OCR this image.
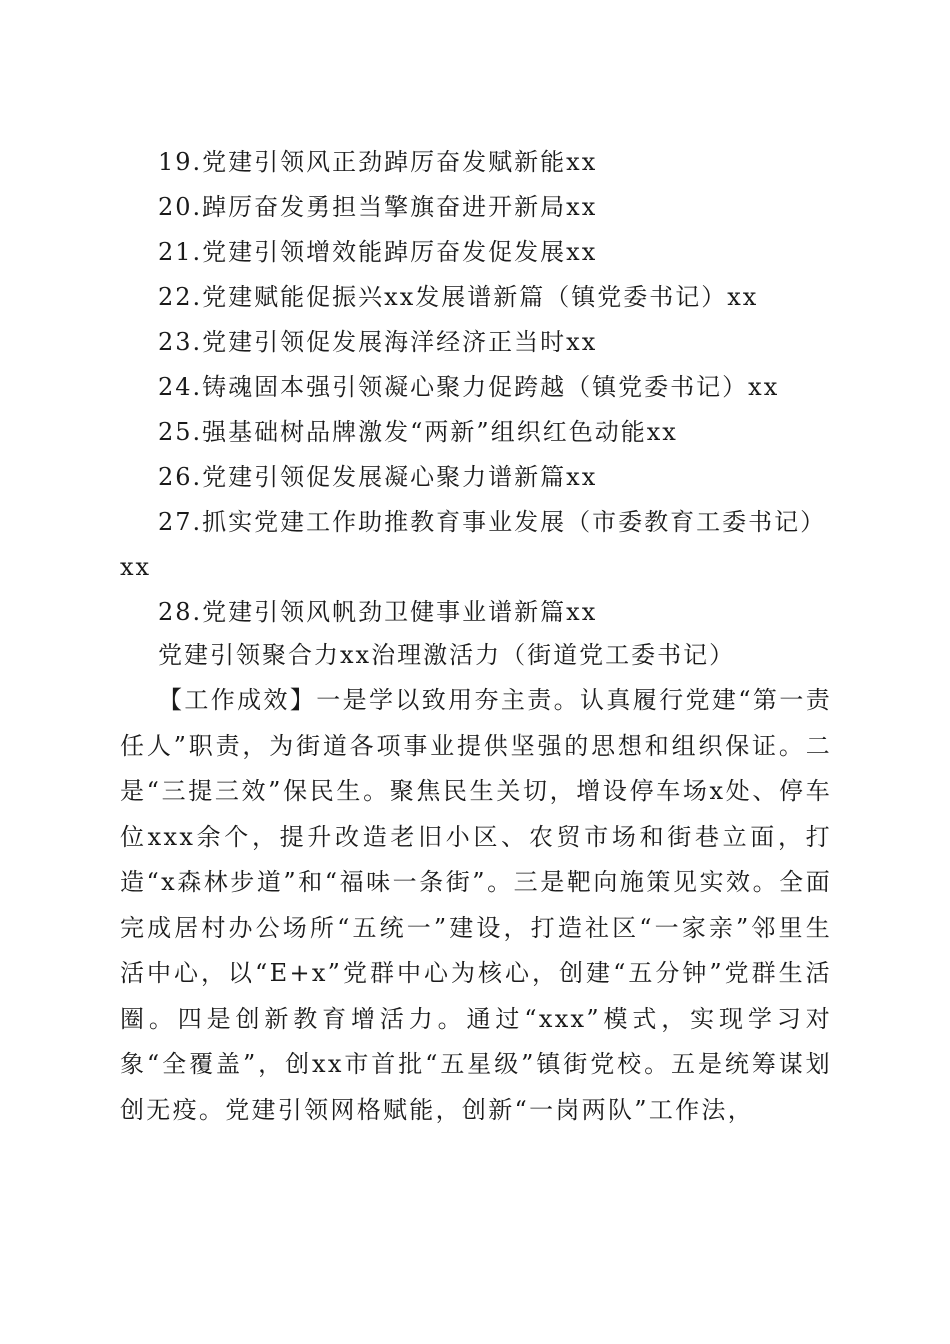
19.党建引领风正劲踔厉奋发赋新能xx
20.踔厉奋发勇担当擎旗奋进开新局xx
21.党建引领增效能踔厉奋发促发展xx
22.党建赋能促振兴xx发展谱新篇（镇党委书记）xx
23.党建引领促发展海洋经济正当时xx
24.铸魂固本强引领凝心聚力促跨越（镇党委书记）xx
25.强基础树品牌激发“两新”组织红色动能xx
26.党建引领促发展凝心聚力谱新篇xx
27.抓实党建工作助推教育事业发展（市委教育工委书记）
xx
28.党建引领风帆劲卫健事业谱新篇xx
党建引领聚合力xx治理激活力（街道党工委书记）
【工作成效】一是学以致用夯主责。认真履行党建“第一责任人”职责，为街道各项事业提供坚强的思想和组织保证。二是“三提三效”保民生。聚焦民生关切，增设停车场x处、停车位xxx余个，提升改造老旧小区、农贸市场和街巷立面，打造“x森林步道”和“福味一条街”。三是靶向施策见实效。全面完成居村办公场所“五统一”建设，打造社区“一家亲”邻里生活中心，以“E+x”党群中心为核心，创建“五分钟”党群生活圈。四是创新教育增活力。通过“xxx”模式，实现学习对象“全覆盖”，创xx市首批“五星级”镇街党校。五是统筹谋划创无疫。党建引领网格赋能，创新“一岗两队”工作法，
